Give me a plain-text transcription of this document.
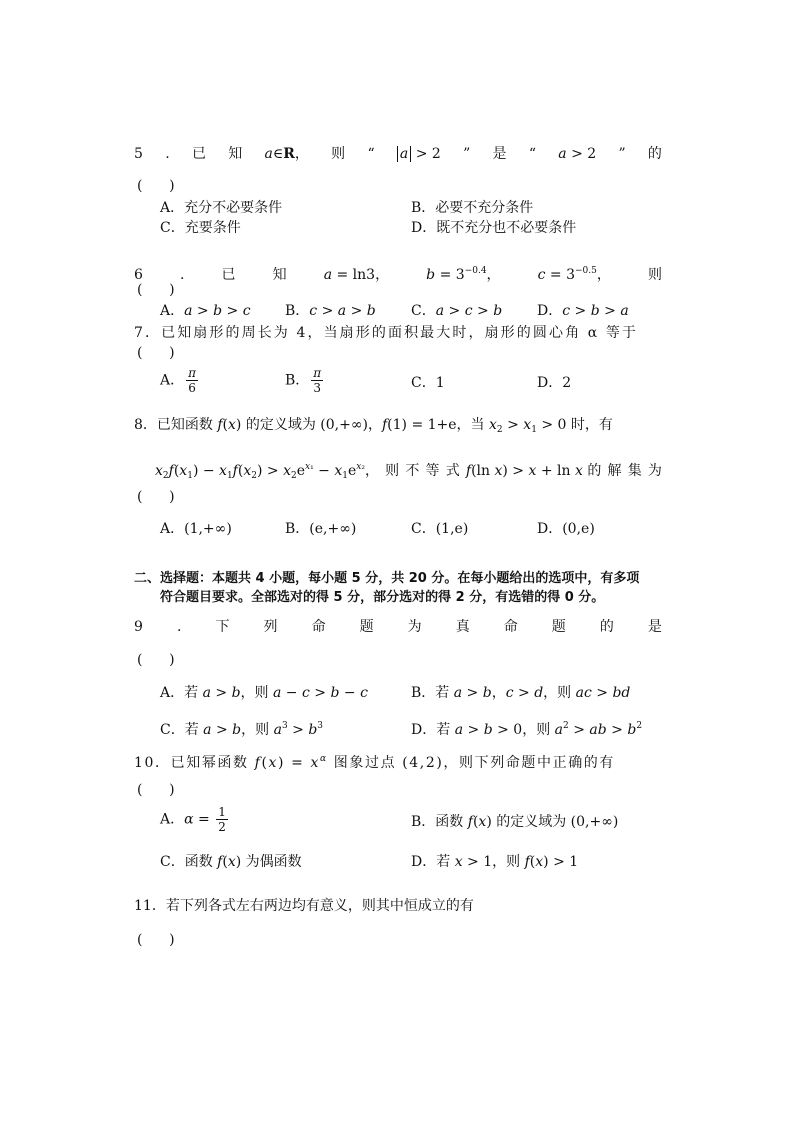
5 . 已 知 a∈R， 则 “ a > 2 ” 是 “ a > 2 ” 的
(      )
A．充分不必要条件	B．必要不充分条件
C．充要条件	D．既不充分也不必要条件
6	.	已	知	a = ln3，	$b = 3^{-0.4}$，	$c = 3^{-0.5}$，	则
(      )
A．a > b > c B．c > a > b	C．a > c > b D．c > b > a
7．已知扇形的周长为 4，当扇形的面积最大时，扇形的圆心角 α 等于
(      )
A． $\frac{\pi}{6}$	B． $\frac{\pi}{3}$	C．1	D．2
8．已知函数 f(x) 的定义域为 (0,+∞)，f(1) = 1+e，当 $x_2 > x_1 > 0$ 时，有
$x_2f(x_1) - x_1f(x_2) > x_2e^{x_1} - x_1e^{x_2}$， 则 不 等 式 f(ln x) > x + ln x 的 解 集 为
(      )
A．(1,+∞)	B．(e,+∞)	C．(1,e)	D．(0,e)
二、选择题：本题共 4 小题，每小题 5 分，共 20 分。在每小题给出的选项中，有多项
符合题目要求。全部选对的得 5 分，部分选对的得 2 分，有选错的得 0 分。
9 . 下 列 命 题 为 真 命 题 的 是
(      )
A．若 a > b，则 a − c > b − c	B．若 a > b，c > d，则 ac > bd
C．若 a > b，则 $a^3 > b^3$	D．若 a > b > 0，则 $a^2$ > ab > $b^2$
10．已知幂函数 $f(x) = x^\alpha$ 图象过点 (4,2)，则下列命题中正确的有
(      )
A．$\alpha = \frac{1}{2}$	B．函数 f(x) 的定义域为 (0,+∞)
C．函数 f(x) 为偶函数	D．若 x > 1，则 f(x) > 1
11．若下列各式左右两边均有意义，则其中恒成立的有
(      )
